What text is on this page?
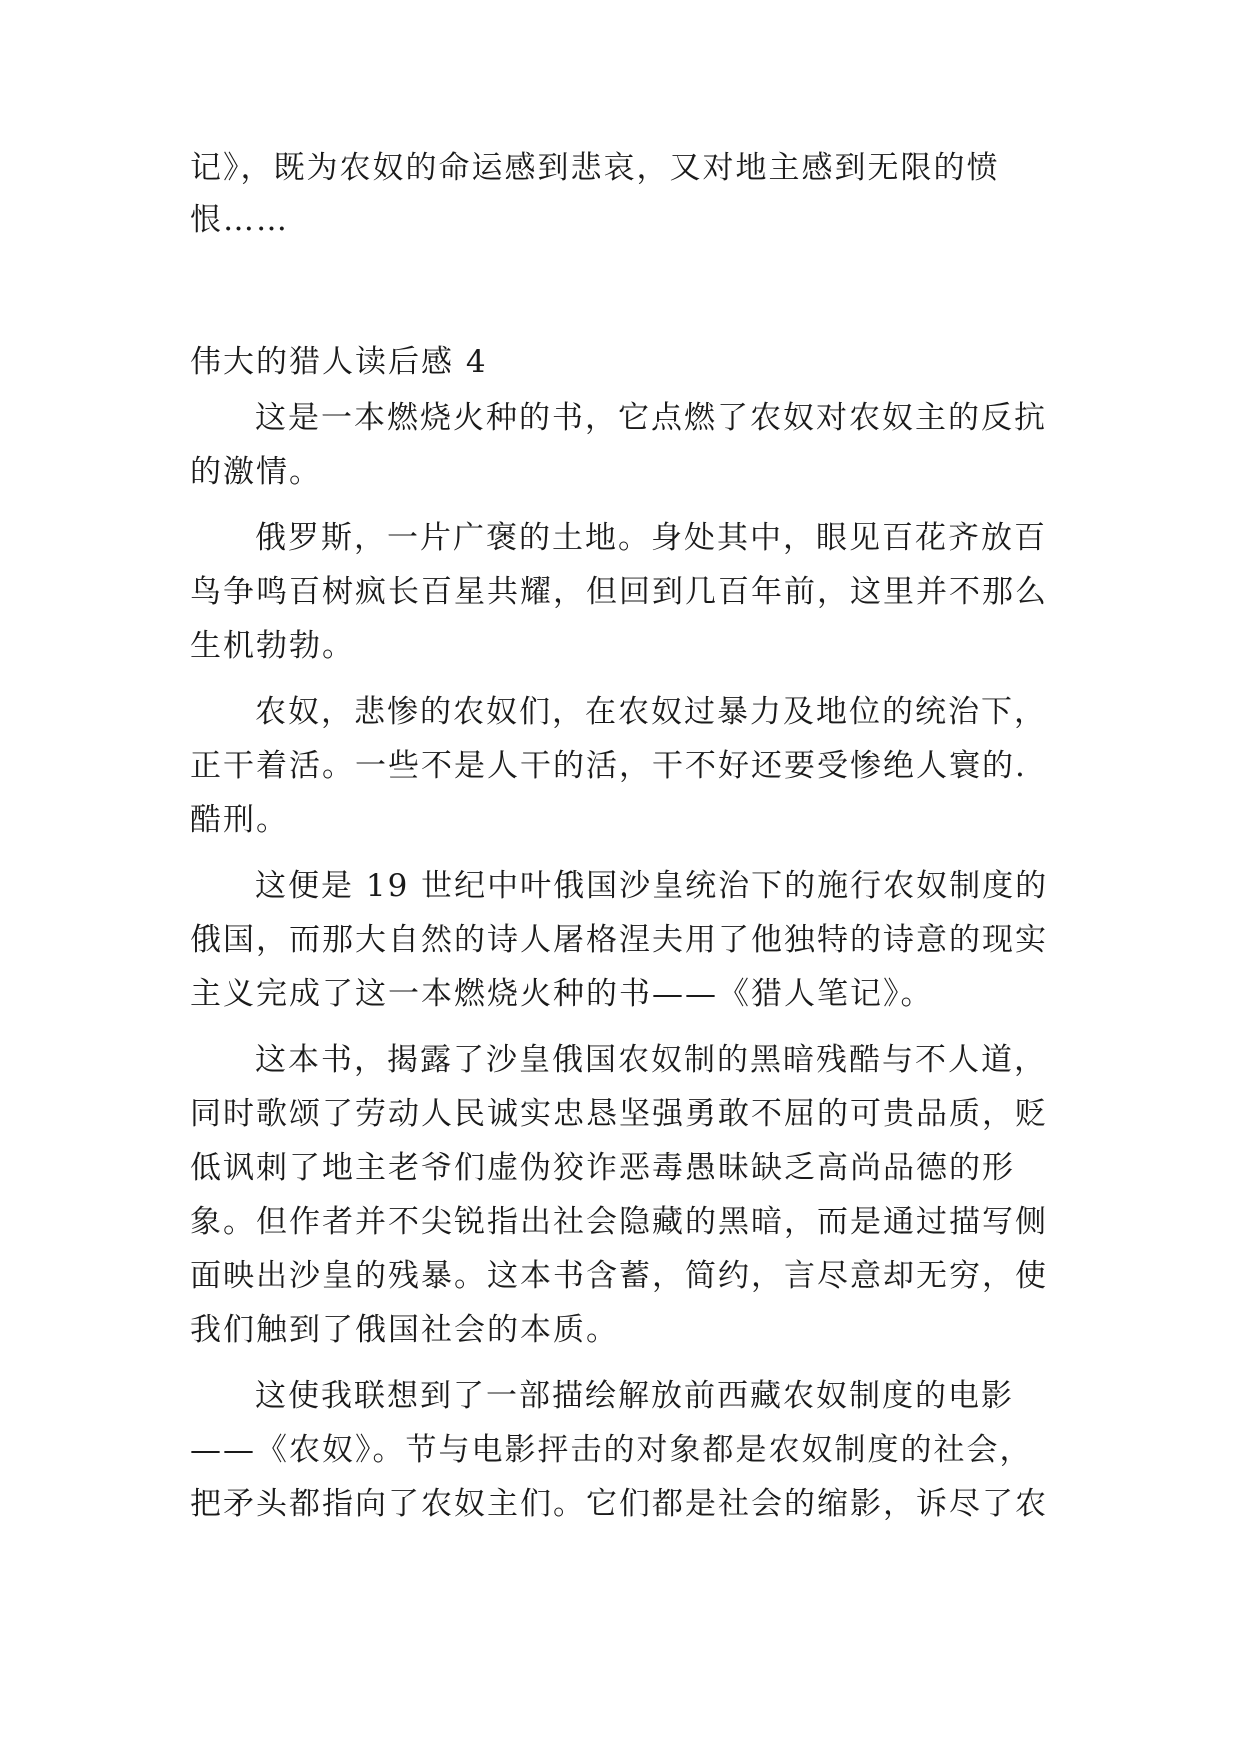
记》，既为农奴的命运感到悲哀，又对地主感到无限的愤
恨……
伟大的猎人读后感 4
这是一本燃烧火种的书，它点燃了农奴对农奴主的反抗
的激情。
俄罗斯，一片广褒的土地。身处其中，眼见百花齐放百
鸟争鸣百树疯长百星共耀，但回到几百年前，这里并不那么
生机勃勃。
农奴，悲惨的农奴们，在农奴过暴力及地位的统治下，
正干着活。一些不是人干的活，干不好还要受惨绝人寰的.
酷刑。
这便是 19 世纪中叶俄国沙皇统治下的施行农奴制度的
俄国，而那大自然的诗人屠格涅夫用了他独特的诗意的现实
主义完成了这一本燃烧火种的书——《猎人笔记》。
这本书，揭露了沙皇俄国农奴制的黑暗残酷与不人道，
同时歌颂了劳动人民诚实忠恳坚强勇敢不屈的可贵品质，贬
低讽刺了地主老爷们虚伪狡诈恶毒愚昧缺乏高尚品德的形
象。但作者并不尖锐指出社会隐藏的黑暗，而是通过描写侧
面映出沙皇的残暴。这本书含蓄，简约，言尽意却无穷，使
我们触到了俄国社会的本质。
这使我联想到了一部描绘解放前西藏农奴制度的电影
——《农奴》。节与电影抨击的对象都是农奴制度的社会，
把矛头都指向了农奴主们。它们都是社会的缩影，诉尽了农
